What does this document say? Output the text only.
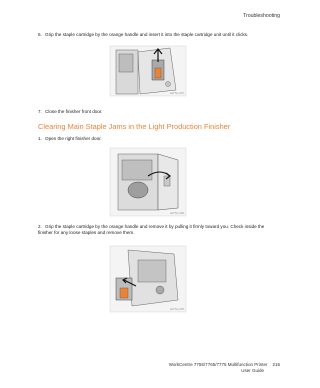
Troubleshooting
6. Grip the staple cartridge by the orange handle and insert it into the staple cartridge unit until it clicks.
wc77xx-172
7. Close the finisher front door.
Clearing Main Staple Jams in the Light Production Finisher
1. Open the right finisher door.
wc77xx-134
2. Grip the staple cartridge by the orange handle and remove it by pulling it firmly toward you. Check inside the finisher for any loose staples and remove them.
wc77xx-175
WorkCentre 7755/7765/7775 Multifunction Printer 216
User Guide
